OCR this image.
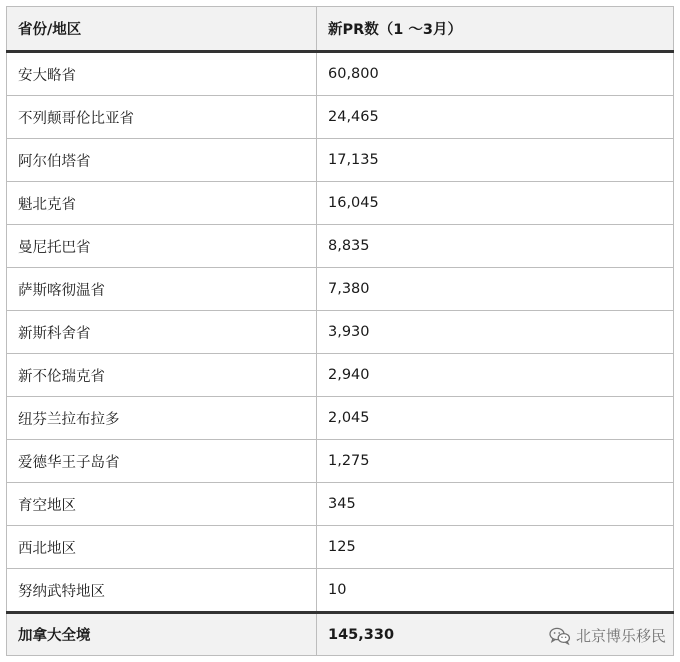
省份/地区	新PR数（1 ～3月）
安大略省	60,800
不列颠哥伦比亚省	24,465
阿尔伯塔省	17,135
魁北克省	16,045
曼尼托巴省	8,835
萨斯喀彻温省	7,380
新斯科舍省	3,930
新不伦瑞克省	2,940
纽芬兰拉布拉多	2,045
爱德华王子岛省	1,275
育空地区	345
西北地区	125
努纳武特地区	10
加拿大全境	145,330	北京博乐移民
